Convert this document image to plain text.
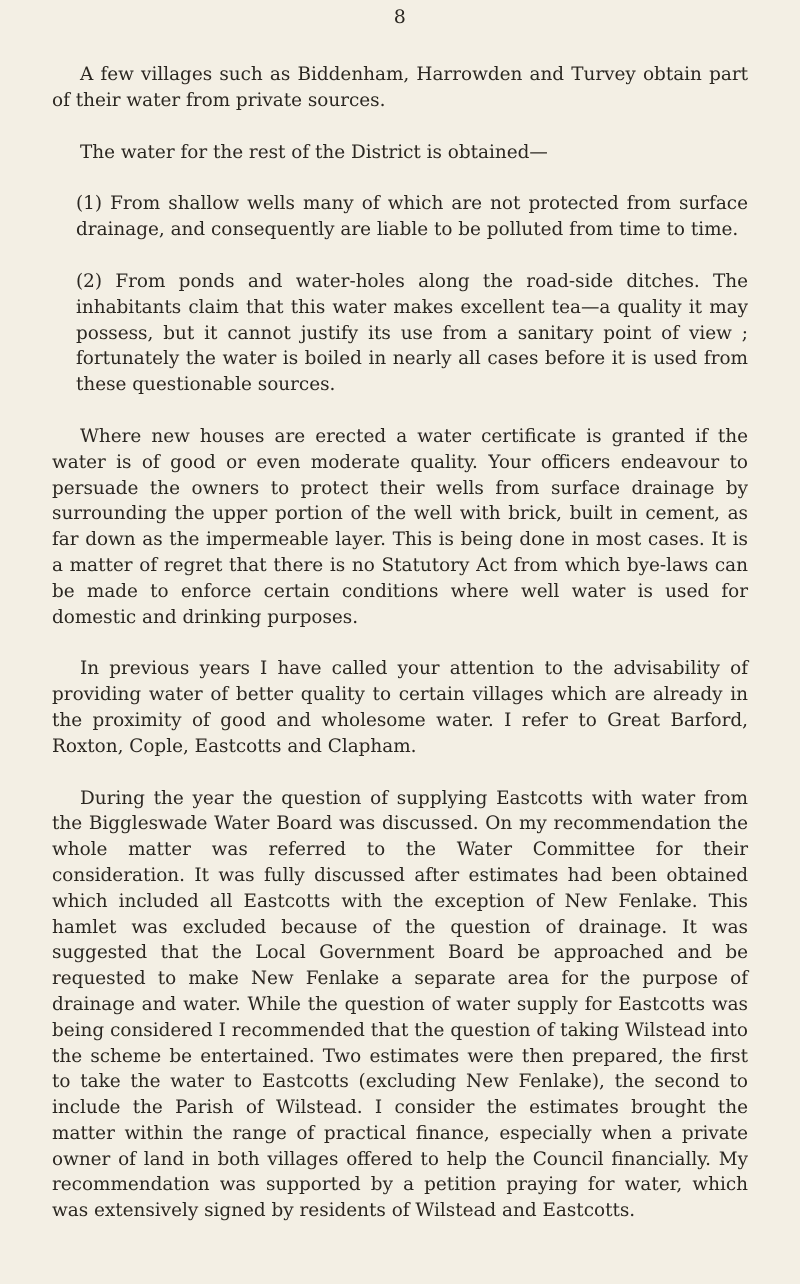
8

A few villages such as Biddenham, Harrowden and Turvey obtain part of their water from private sources.

The water for the rest of the District is obtained—

(1) From shallow wells many of which are not protected from surface drainage, and consequently are liable to be polluted from time to time.

(2) From ponds and water-holes along the road-side ditches. The inhabitants claim that this water makes excellent tea—a quality it may possess, but it cannot justify its use from a sanitary point of view ; fortunately the water is boiled in nearly all cases before it is used from these questionable sources.

Where new houses are erected a water certificate is granted if the water is of good or even moderate quality. Your officers endeavour to persuade the owners to protect their wells from surface drainage by surrounding the upper portion of the well with brick, built in cement, as far down as the impermeable layer. This is being done in most cases. It is a matter of regret that there is no Statutory Act from which bye-laws can be made to enforce certain conditions where well water is used for domestic and drinking purposes.

In previous years I have called your attention to the advisability of providing water of better quality to certain villages which are already in the proximity of good and wholesome water. I refer to Great Barford, Roxton, Cople, Eastcotts and Clapham.

During the year the question of supplying Eastcotts with water from the Biggleswade Water Board was discussed. On my recommendation the whole matter was referred to the Water Committee for their consideration. It was fully discussed after estimates had been obtained which included all Eastcotts with the exception of New Fenlake. This hamlet was excluded because of the question of drainage. It was suggested that the Local Government Board be approached and be requested to make New Fenlake a separate area for the purpose of drainage and water. While the question of water supply for Eastcotts was being considered I recommended that the question of taking Wilstead into the scheme be entertained. Two estimates were then prepared, the first to take the water to Eastcotts (excluding New Fenlake), the second to include the Parish of Wilstead. I consider the estimates brought the matter within the range of practical finance, especially when a private owner of land in both villages offered to help the Council financially. My recommendation was supported by a petition praying for water, which was extensively signed by residents of Wilstead and Eastcotts.
